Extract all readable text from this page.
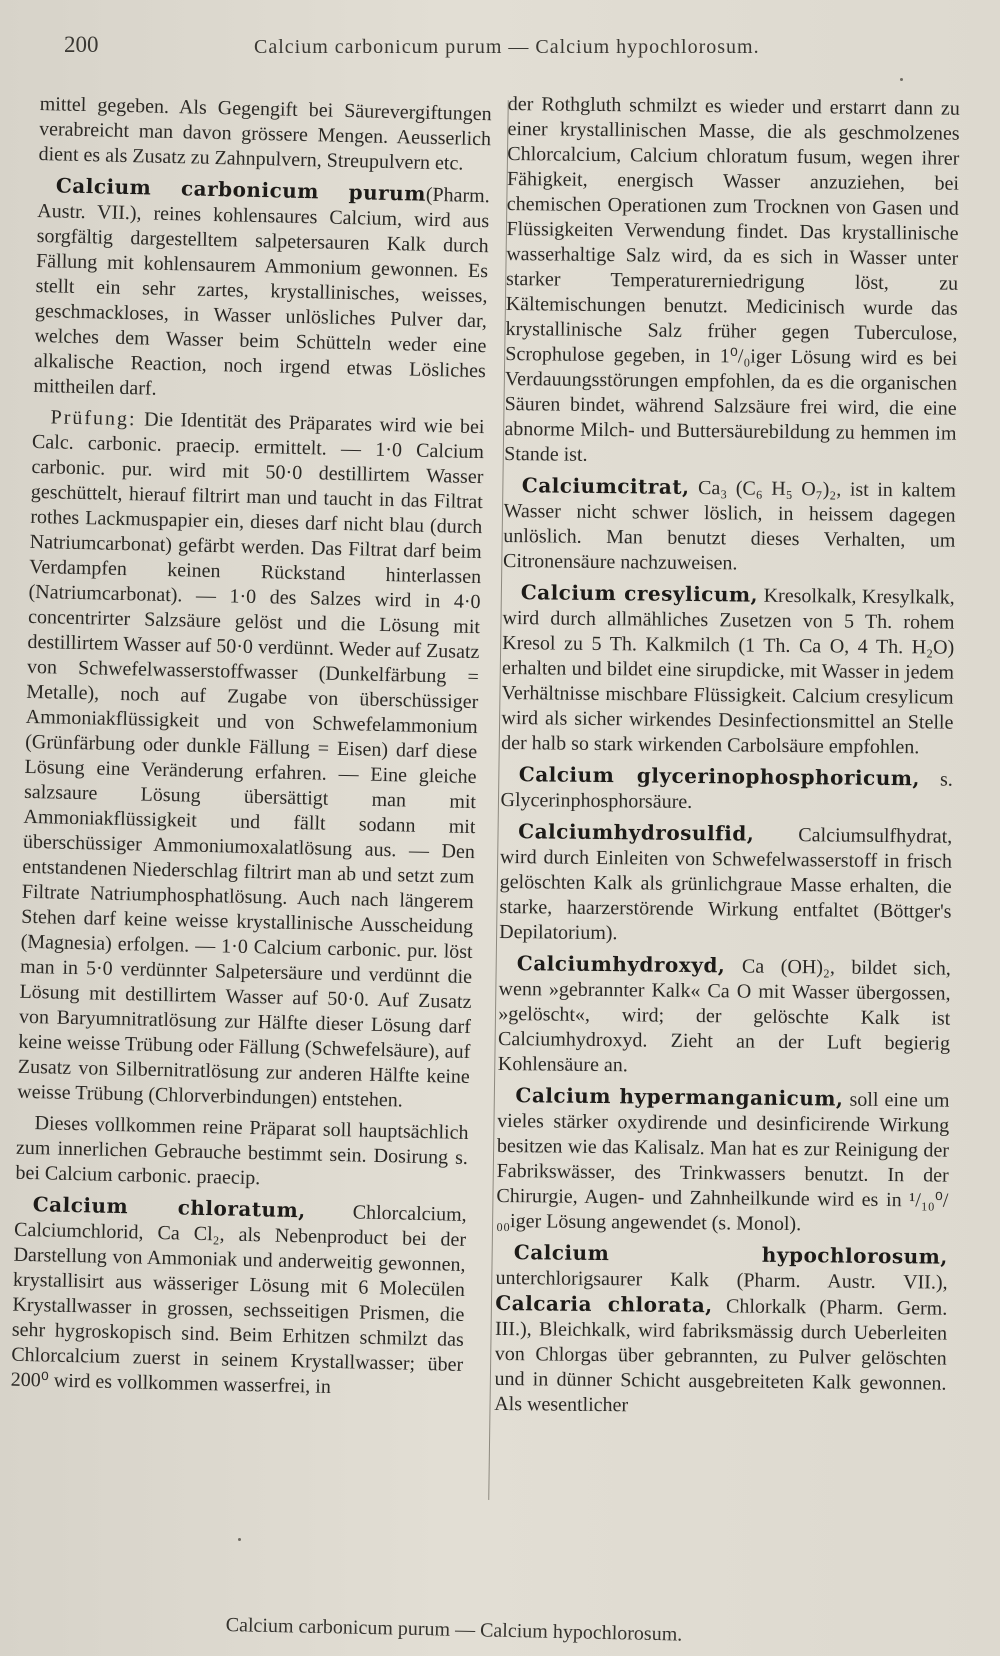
200	Calcium carbonicum purum — Calcium hypochlorosum.

mittel gegeben. Als Gegengift bei Säurevergiftungen verabreicht man davon grössere Mengen. Aeusserlich dient es als Zusatz zu Zahnpulvern, Streupulvern etc.

Calcium carbonicum purum(Pharm. Austr. VII.), reines kohlensaures Calcium, wird aus sorgfältig dargestelltem salpetersauren Kalk durch Fällung mit kohlensaurem Ammonium gewonnen. Es stellt ein sehr zartes, krystallinisches, weisses, geschmackloses, in Wasser unlösliches Pulver dar, welches dem Wasser beim Schütteln weder eine alkalische Reaction, noch irgend etwas Lösliches mittheilen darf.

Prüfung: Die Identität des Präparates wird wie bei Calc. carbonic. praecip. ermittelt. — 1·0 Calcium carbonic. pur. wird mit 50·0 destillirtem Wasser geschüttelt, hierauf filtrirt man und taucht in das Filtrat rothes Lackmuspapier ein, dieses darf nicht blau (durch Natriumcarbonat) gefärbt werden. Das Filtrat darf beim Verdampfen keinen Rückstand hinterlassen (Natriumcarbonat). — 1·0 des Salzes wird in 4·0 concentrirter Salzsäure gelöst und die Lösung mit destillirtem Wasser auf 50·0 verdünnt. Weder auf Zusatz von Schwefelwasserstoffwasser (Dunkelfärbung = Metalle), noch auf Zugabe von überschüssiger Ammoniakflüssigkeit und von Schwefelammonium (Grünfärbung oder dunkle Fällung = Eisen) darf diese Lösung eine Veränderung erfahren. — Eine gleiche salzsaure Lösung übersättigt man mit Ammoniakflüssigkeit und fällt sodann mit überschüssiger Ammoniumoxalatlösung aus. — Den entstandenen Niederschlag filtrirt man ab und setzt zum Filtrate Natriumphosphatlösung. Auch nach längerem Stehen darf keine weisse krystallinische Ausscheidung (Magnesia) erfolgen. — 1·0 Calcium carbonic. pur. löst man in 5·0 verdünnter Salpetersäure und verdünnt die Lösung mit destillirtem Wasser auf 50·0. Auf Zusatz von Baryumnitratlösung zur Hälfte dieser Lösung darf keine weisse Trübung oder Fällung (Schwefelsäure), auf Zusatz von Silbernitratlösung zur anderen Hälfte keine weisse Trübung (Chlorverbindungen) entstehen.

Dieses vollkommen reine Präparat soll hauptsächlich zum innerlichen Gebrauche bestimmt sein. Dosirung s. bei Calcium carbonic. praecip.

Calcium chloratum, Chlorcalcium, Calciumchlorid, Ca Cl₂, als Nebenproduct bei der Darstellung von Ammoniak und anderweitig gewonnen, krystallisirt aus wässeriger Lösung mit 6 Molecülen Krystallwasser in grossen, sechsseitigen Prismen, die sehr hygroskopisch sind. Beim Erhitzen schmilzt das Chlorcalcium zuerst in seinem Krystallwasser; über 200⁰ wird es vollkommen wasserfrei, in

der Rothgluth schmilzt es wieder und erstarrt dann zu einer krystallinischen Masse, die als geschmolzenes Chlorcalcium, Calcium chloratum fusum, wegen ihrer Fähigkeit, energisch Wasser anzuziehen, bei chemischen Operationen zum Trocknen von Gasen und Flüssigkeiten Verwendung findet. Das krystallinische wasserhaltige Salz wird, da es sich in Wasser unter starker Temperaturerniedrigung löst, zu Kältemischungen benutzt. Medicinisch wurde das krystallinische Salz früher gegen Tuberculose, Scrophulose gegeben, in 1⁰/₀iger Lösung wird es bei Verdauungsstörungen empfohlen, da es die organischen Säuren bindet, während Salzsäure frei wird, die eine abnorme Milch- und Buttersäurebildung zu hemmen im Stande ist.

Calciumcitrat, Ca₃ (C₆ H₅ O₇)₂, ist in kaltem Wasser nicht schwer löslich, in heissem dagegen unlöslich. Man benutzt dieses Verhalten, um Citronensäure nachzuweisen.

Calcium cresylicum, Kresolkalk, Kresylkalk, wird durch allmähliches Zusetzen von 5 Th. rohem Kresol zu 5 Th. Kalkmilch (1 Th. Ca O, 4 Th. H₂O) erhalten und bildet eine sirupdicke, mit Wasser in jedem Verhältnisse mischbare Flüssigkeit. Calcium cresylicum wird als sicher wirkendes Desinfectionsmittel an Stelle der halb so stark wirkenden Carbolsäure empfohlen.

Calcium glycerinophosphoricum, s. Glycerinphosphorsäure.

Calciumhydrosulfid, Calciumsulfhydrat, wird durch Einleiten von Schwefelwasserstoff in frisch gelöschten Kalk als grünlichgraue Masse erhalten, die starke, haarzerstörende Wirkung entfaltet (Böttger's Depilatorium).

Calciumhydroxyd, Ca (OH)₂, bildet sich, wenn »gebrannter Kalk« Ca O mit Wasser übergossen, »gelöscht«, wird; der gelöschte Kalk ist Calciumhydroxyd. Zieht an der Luft begierig Kohlensäure an.

Calcium hypermanganicum, soll eine um vieles stärker oxydirende und desinficirende Wirkung besitzen wie das Kalisalz. Man hat es zur Reinigung der Fabrikswässer, des Trinkwassers benutzt. In der Chirurgie, Augen- und Zahnheilkunde wird es in ¹/₁₀⁰/₀₀iger Lösung angewendet (s. Monol).

Calcium hypochlorosum, unterchlorigsaurer Kalk (Pharm. Austr. VII.), Calcaria chlorata, Chlorkalk (Pharm. Germ. III.), Bleichkalk, wird fabriksmässig durch Ueberleiten von Chlorgas über gebrannten, zu Pulver gelöschten und in dünner Schicht ausgebreiteten Kalk gewonnen. Als wesentlicher

Calcium carbonicum purum — Calcium hypochlorosum.
